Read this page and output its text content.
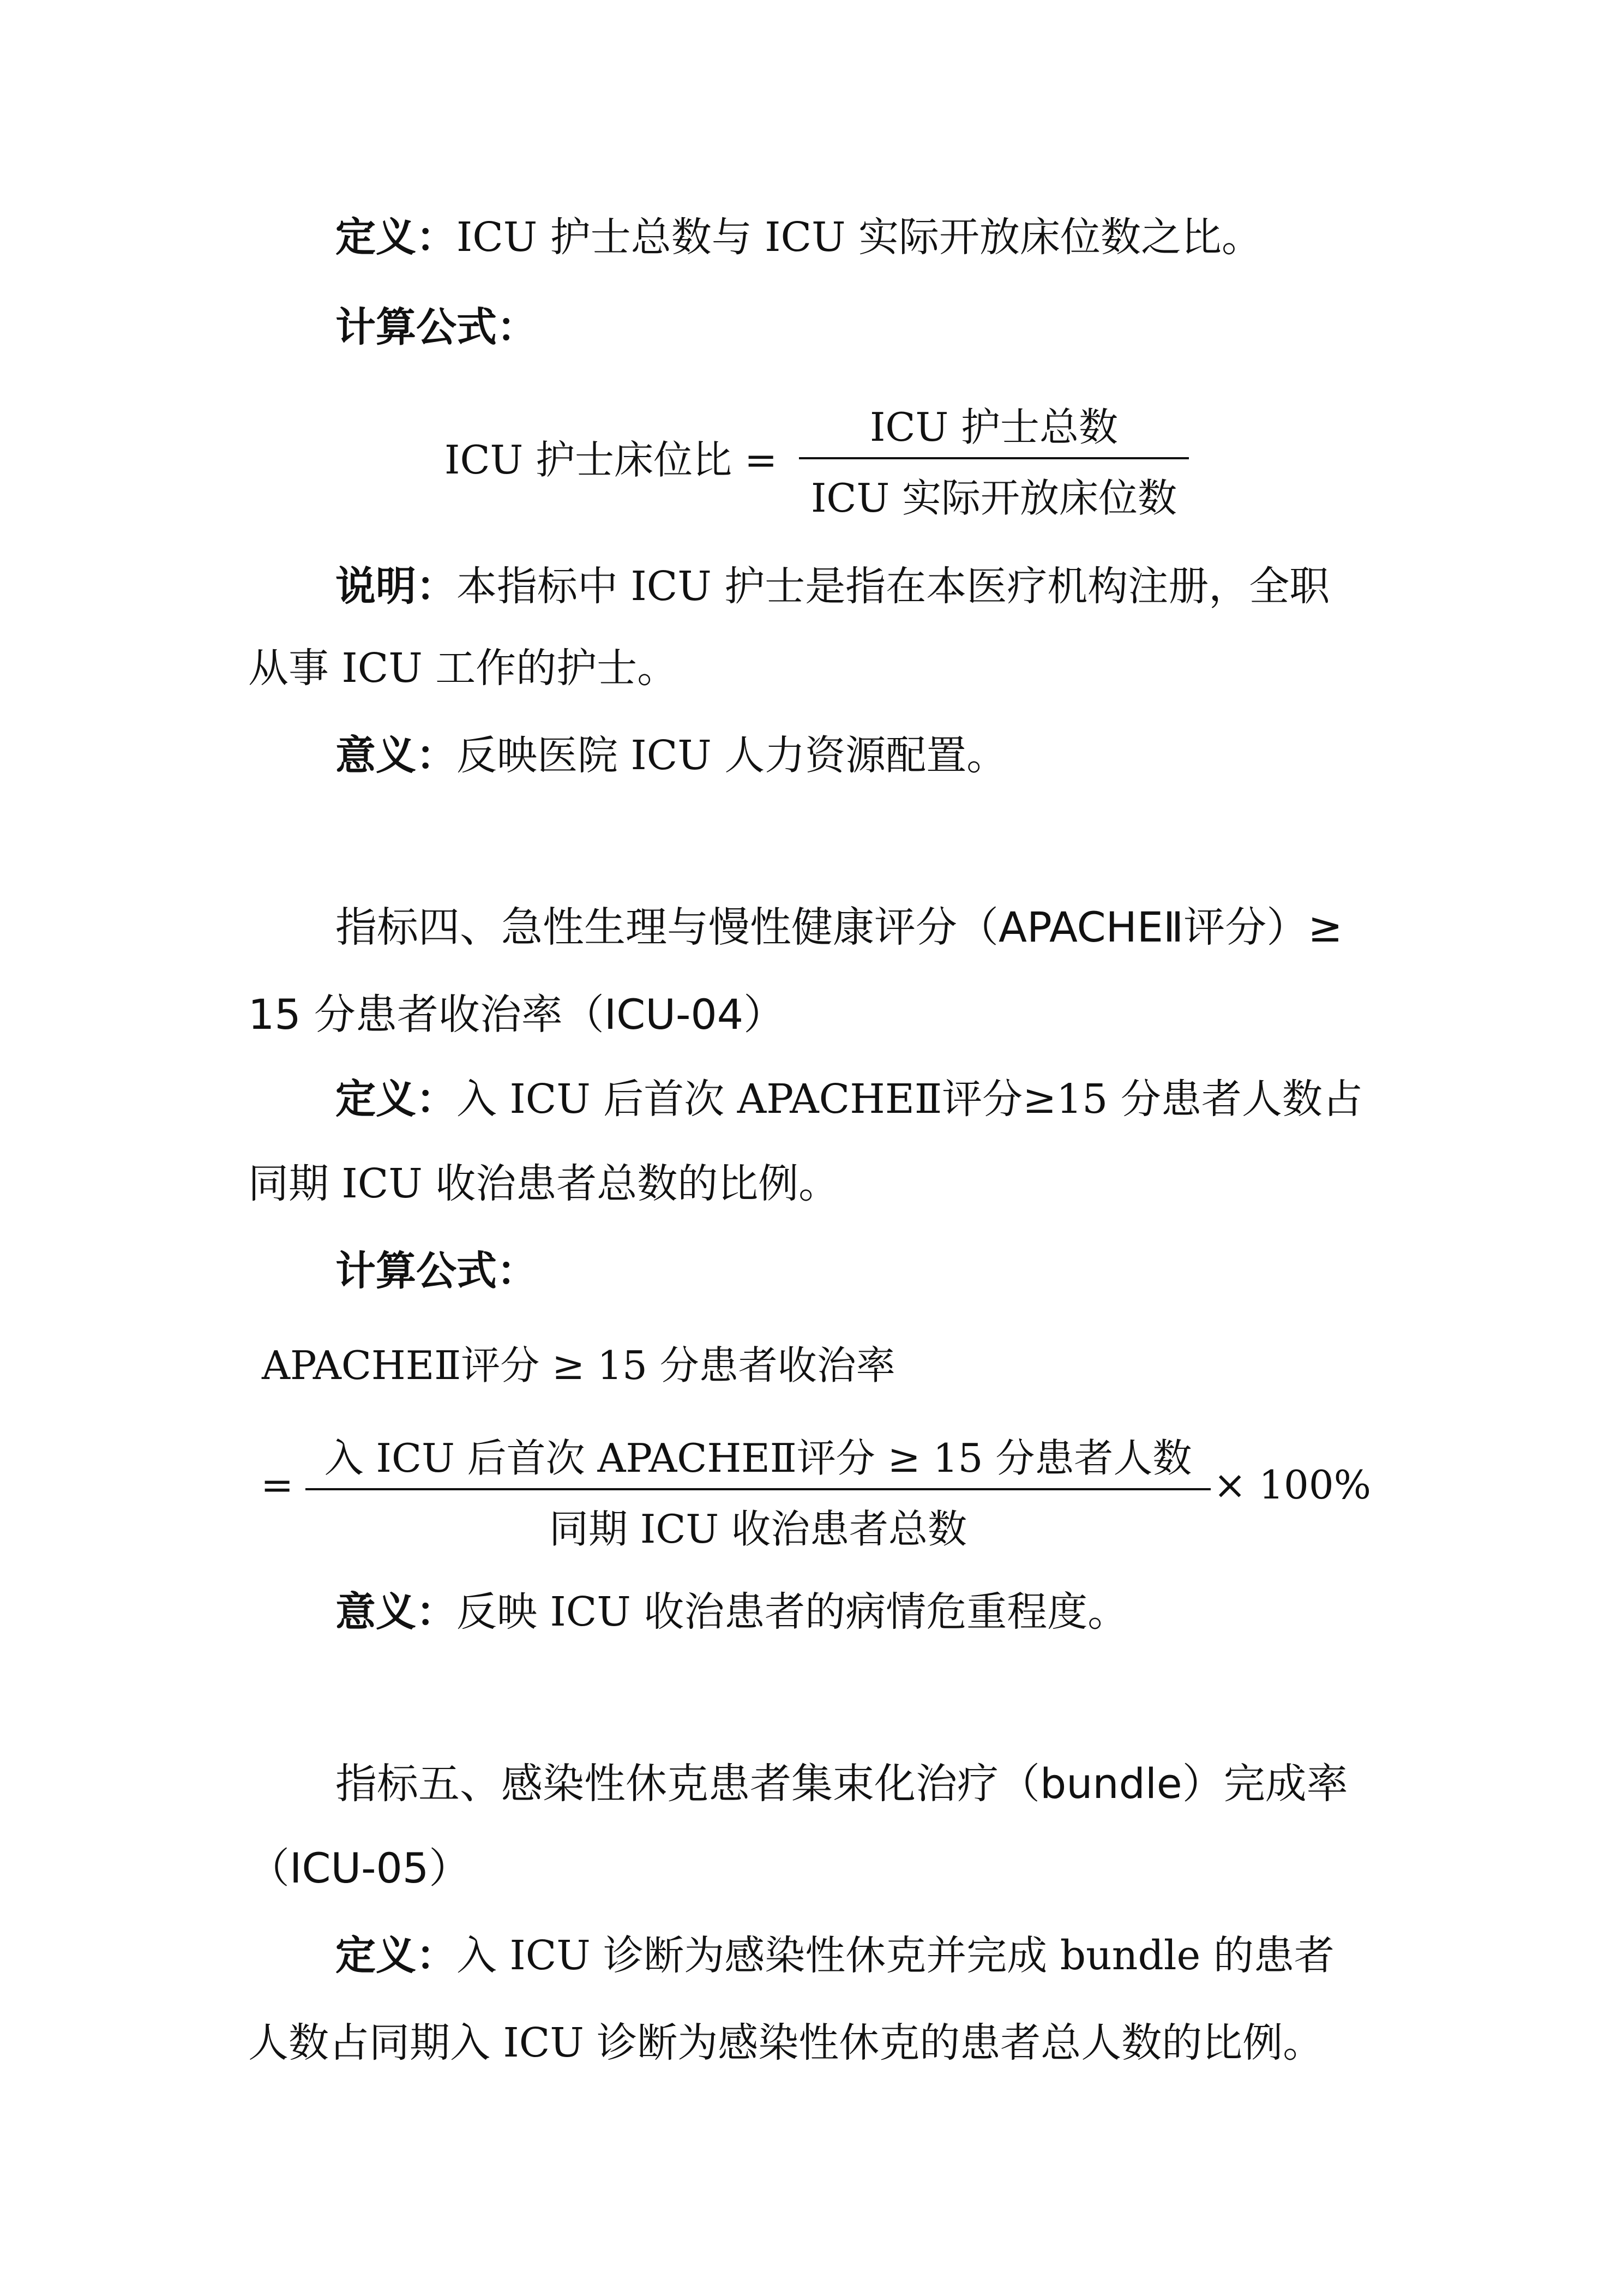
定义：ICU 护士总数与 ICU 实际开放床位数之比。
计算公式：
ICU 护士床位比 =
ICU 护士总数
ICU 实际开放床位数
说明：本指标中 ICU 护士是指在本医疗机构注册，全职
从事 ICU 工作的护士。
意义：反映医院 ICU 人力资源配置。
指标四、急性生理与慢性健康评分（APACHEⅡ评分）≥
15 分患者收治率（ICU-04）
定义：入 ICU 后首次 APACHEⅡ评分≥15 分患者人数占
同期 ICU 收治患者总数的比例。
计算公式：
APACHEⅡ评分 ≥ 15 分患者收治率
=
入 ICU 后首次 APACHEⅡ评分 ≥ 15 分患者人数
同期 ICU 收治患者总数
× 100%
意义：反映 ICU 收治患者的病情危重程度。
指标五、感染性休克患者集束化治疗（bundle）完成率
（ICU-05）
定义：入 ICU 诊断为感染性休克并完成 bundle 的患者
人数占同期入 ICU 诊断为感染性休克的患者总人数的比例。
